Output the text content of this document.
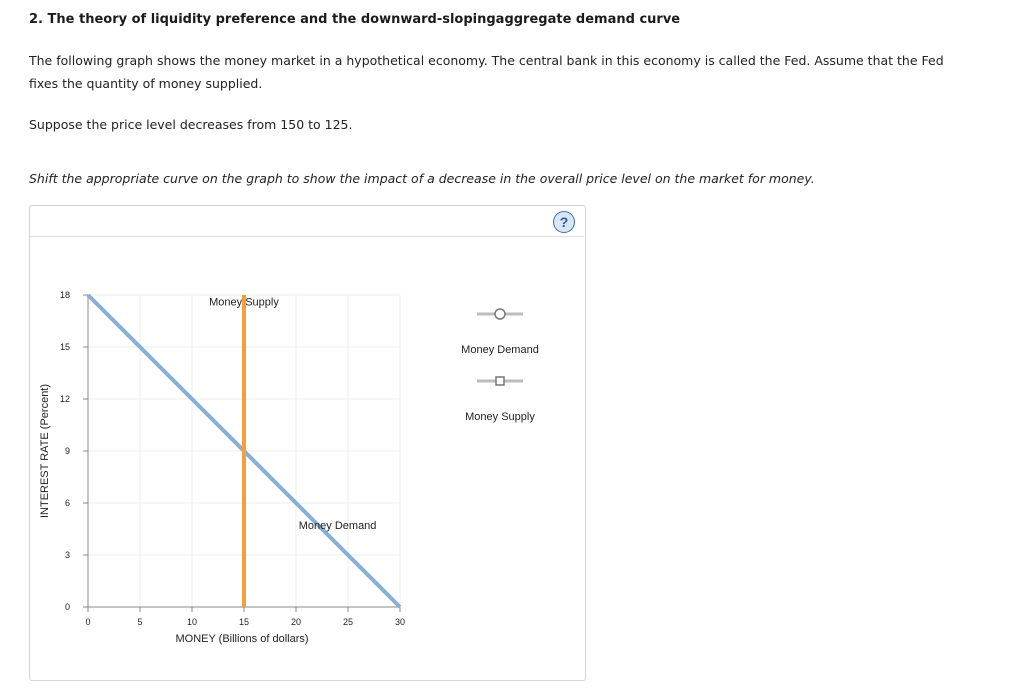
2. The theory of liquidity preference and the downward-slopingaggregate demand curve
The following graph shows the money market in a hypothetical economy. The central bank in this economy is called the Fed. Assume that the Fed fixes the quantity of money supplied.
Suppose the price level decreases from 150 to 125.
Shift the appropriate curve on the graph to show the impact of a decrease in the overall price level on the market for money.
?
0	5	10	15	20	25	30
0
3
6
9
12
15
18
MONEY (Billions of dollars)
INTEREST RATE (Percent)
Money Demand
Money Supply
Money Demand
Money Supply
